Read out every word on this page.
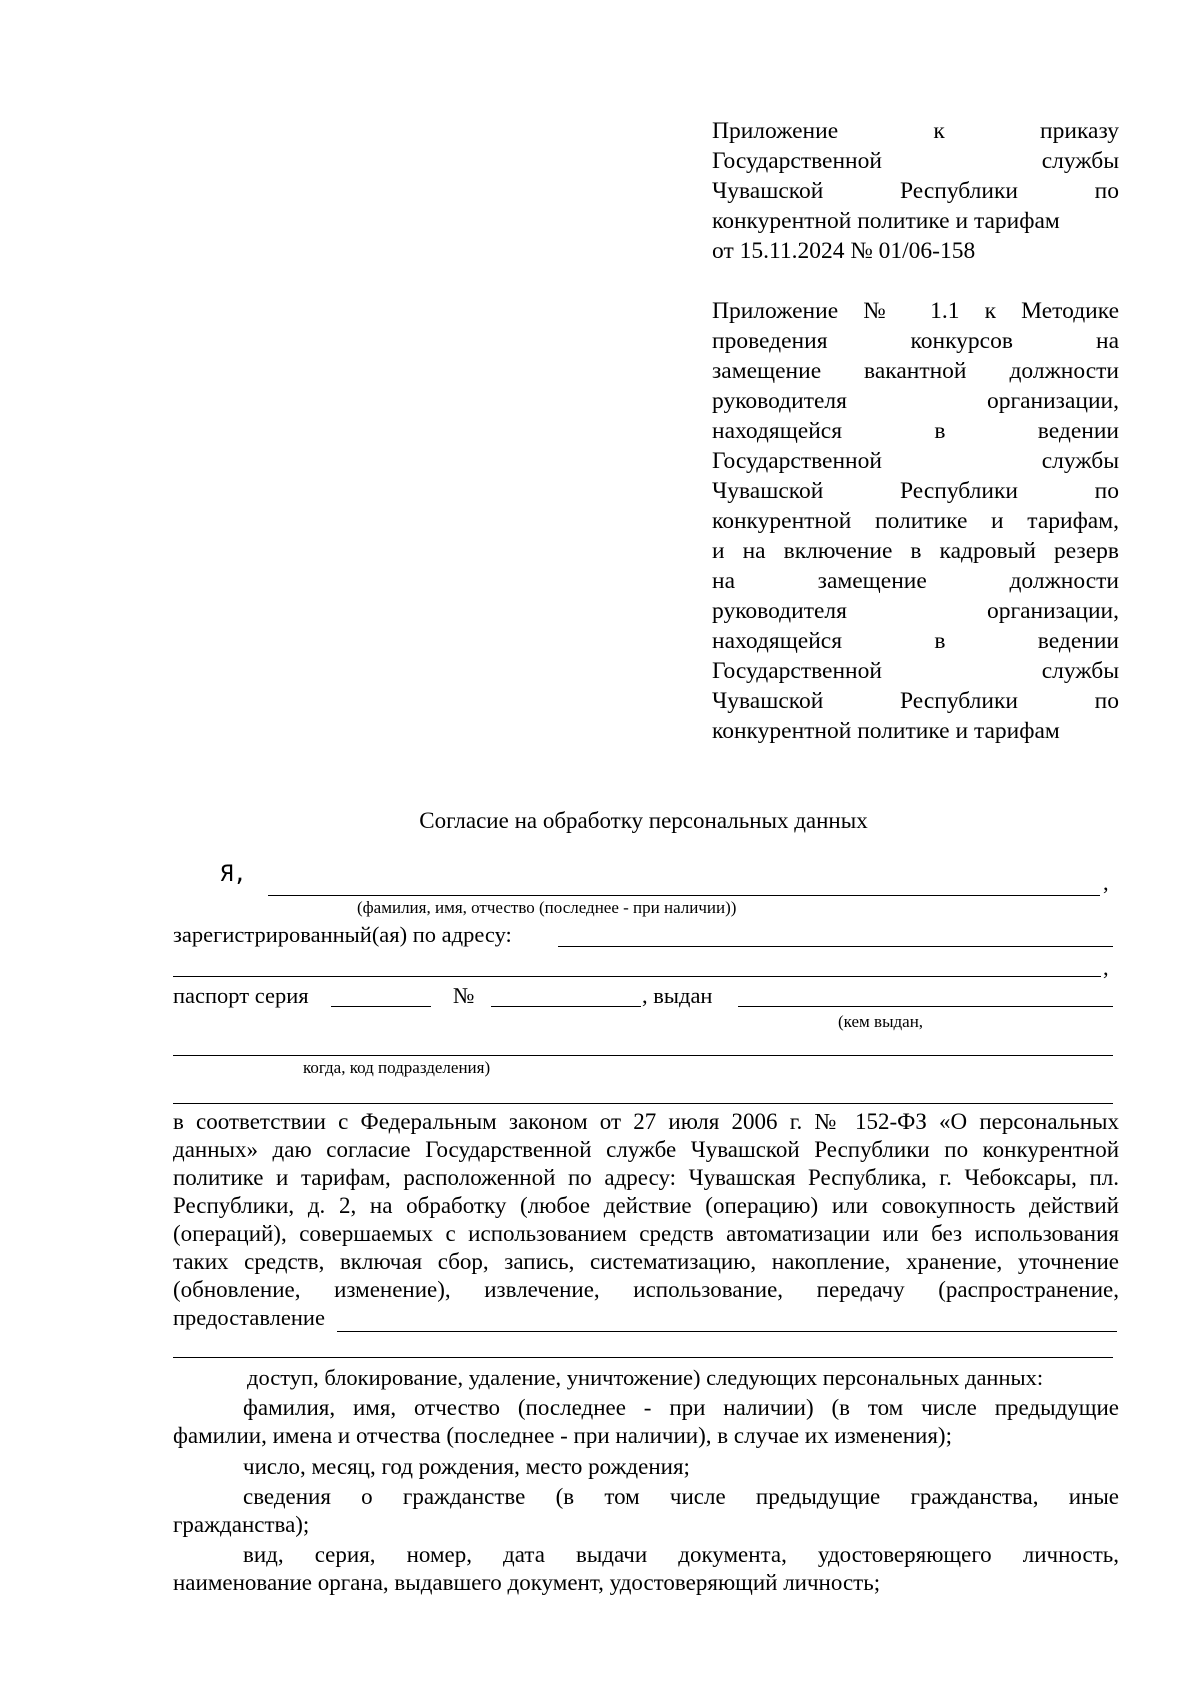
Приложение к приказу
Государственной службы
Чувашской Республики по
конкурентной политике и тарифам
от 15.11.2024 № 01/06-158
Приложение № 1.1 к Методике
проведения конкурсов на
замещение вакантной должности
руководителя организации,
находящейся в ведении
Государственной службы
Чувашской Республики по
конкурентной политике и тарифам,
и на включение в кадровый резерв
на замещение должности
руководителя организации,
находящейся в ведении
Государственной службы
Чувашской Республики по
конкурентной политике и тарифам
Согласие на обработку персональных данных
Я,	,
(фамилия, имя, отчество (последнее - при наличии))
зарегистрированный(ая) по адресу:
,
паспорт серия	№	, выдан
(кем выдан,
когда, код подразделения)
в соответствии с Федеральным законом от 27 июля 2006 г. № 152-ФЗ «О персональных
данных» даю согласие Государственной службе Чувашской Республики по конкурентной
политике и тарифам, расположенной по адресу: Чувашская Республика, г. Чебоксары, пл.
Республики, д. 2, на обработку (любое действие (операцию) или совокупность действий
(операций), совершаемых с использованием средств автоматизации или без использования
таких средств, включая сбор, запись, систематизацию, накопление, хранение, уточнение
(обновление, изменение), извлечение, использование, передачу (распространение,
предоставление
доступ, блокирование, удаление, уничтожение) следующих персональных данных:
фамилия, имя, отчество (последнее - при наличии) (в том числе предыдущие
фамилии, имена и отчества (последнее - при наличии), в случае их изменения);
число, месяц, год рождения, место рождения;
сведения о гражданстве (в том числе предыдущие гражданства, иные
гражданства);
вид, серия, номер, дата выдачи документа, удостоверяющего личность,
наименование органа, выдавшего документ, удостоверяющий личность;
